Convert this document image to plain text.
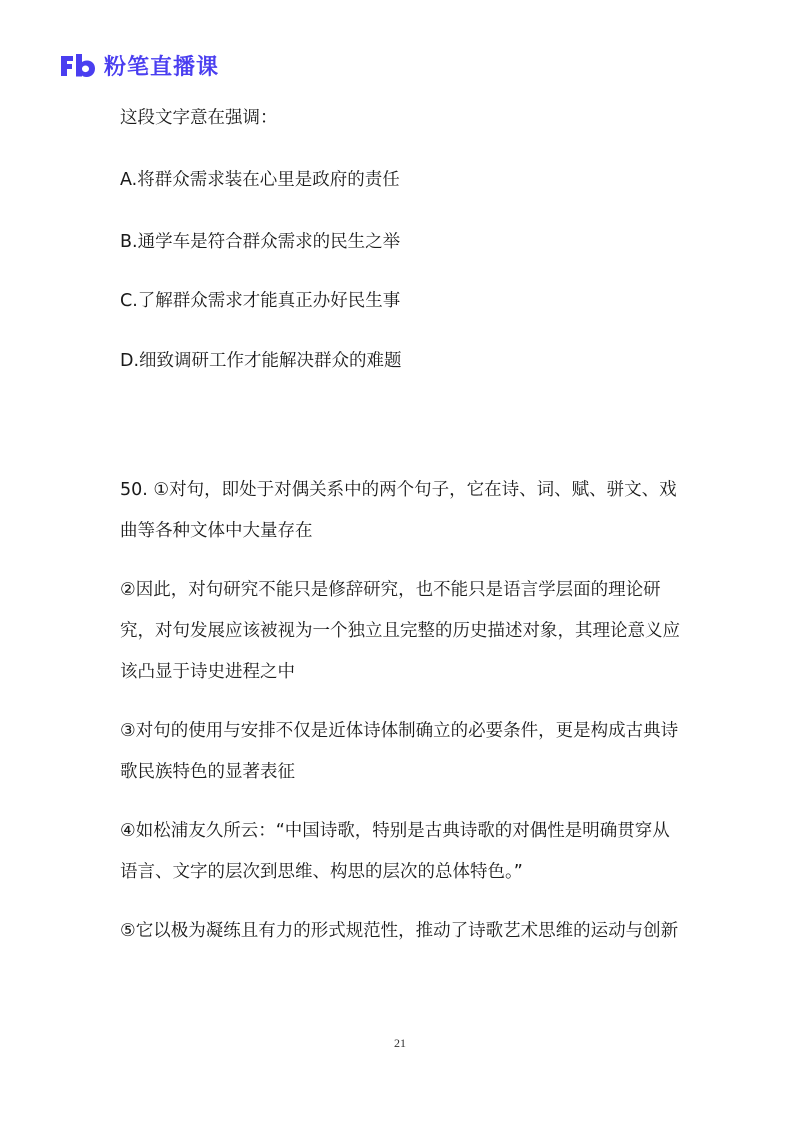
粉笔直播课

这段文字意在强调：

A.将群众需求装在心里是政府的责任

B.通学车是符合群众需求的民生之举

C.了解群众需求才能真正办好民生事

D.细致调研工作才能解决群众的难题

50. ①对句，即处于对偶关系中的两个句子，它在诗、词、赋、骈文、戏曲等各种文体中大量存在

②因此，对句研究不能只是修辞研究，也不能只是语言学层面的理论研究，对句发展应该被视为一个独立且完整的历史描述对象，其理论意义应该凸显于诗史进程之中

③对句的使用与安排不仅是近体诗体制确立的必要条件，更是构成古典诗歌民族特色的显著表征

④如松浦友久所云：“中国诗歌，特别是古典诗歌的对偶性是明确贯穿从语言、文字的层次到思维、构思的层次的总体特色。”

⑤它以极为凝练且有力的形式规范性，推动了诗歌艺术思维的运动与创新

21
